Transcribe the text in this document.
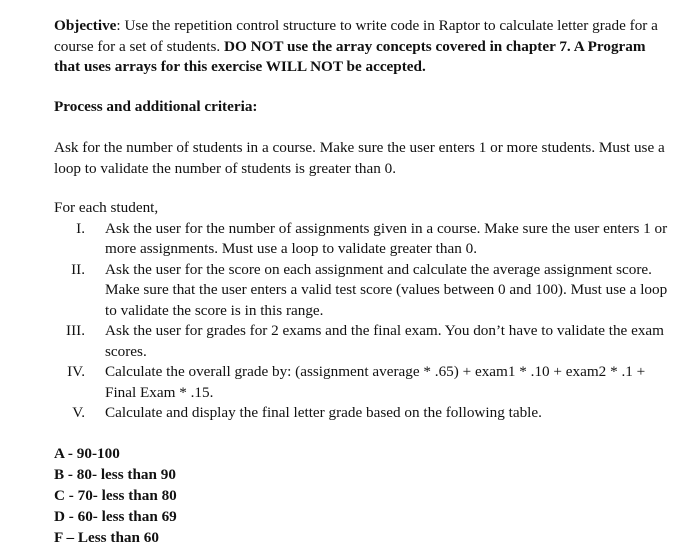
Objective: Use the repetition control structure to write code in Raptor to calculate letter grade for a course for a set of students. DO NOT use the array concepts covered in chapter 7. A Program that uses arrays for this exercise WILL NOT be accepted.

Process and additional criteria:

Ask for the number of students in a course. Make sure the user enters 1 or more students. Must use a loop to validate the number of students is greater than 0.

For each student,

I. Ask the user for the number of assignments given in a course. Make sure the user enters 1 or more assignments. Must use a loop to validate greater than 0.
II. Ask the user for the score on each assignment and calculate the average assignment score. Make sure that the user enters a valid test score (values between 0 and 100). Must use a loop to validate the score is in this range.
III. Ask the user for grades for 2 exams and the final exam. You don’t have to validate the exam scores.
IV. Calculate the overall grade by: (assignment average * .65) + exam1 * .10 + exam2 * .1 + Final Exam * .15.
V. Calculate and display the final letter grade based on the following table.
A - 90-100
B - 80- less than 90
C - 70- less than 80
D - 60- less than 69
F – Less than 60
